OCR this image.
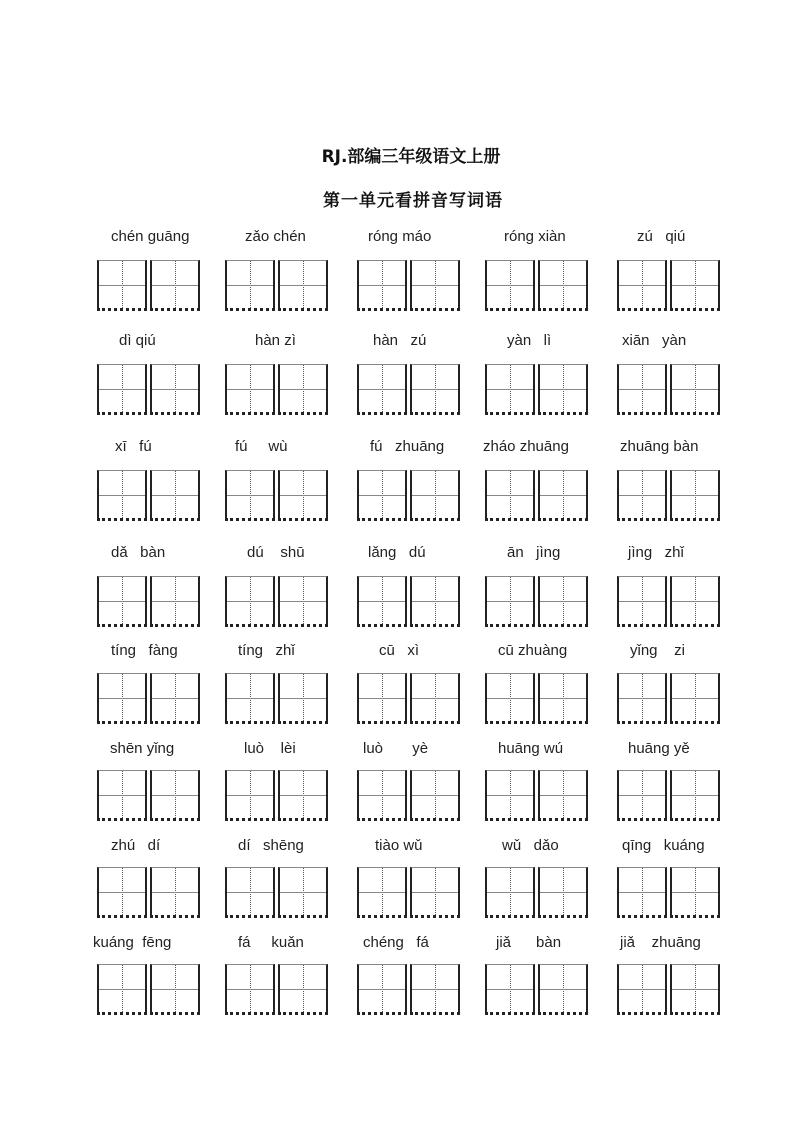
RJ.部编三年级语文上册
第一单元看拼音写词语
chén guāng	zǎo chén	róng máo	róng xiàn	zú   qiú
dì qiú	hàn zì	hàn   zú	yàn   lì	xiān   yàn
xī   fú	fú     wù	fú   zhuāng	zháo zhuāng	zhuāng bàn
dǎ   bàn	dú    shū	lǎng   dú	ān   jìng	jìng   zhǐ
tíng   fàng	tíng   zhǐ	cū   xì	cū zhuàng	yǐng    zi
shēn yǐng	luò    lèi	luò       yè	huāng wú	huāng yě
zhú   dí	dí   shēng	tiào wǔ	wǔ   dǎo	qīng   kuáng
kuáng  fēng	fá     kuǎn	chéng   fá	jiǎ      bàn	jiǎ    zhuāng
